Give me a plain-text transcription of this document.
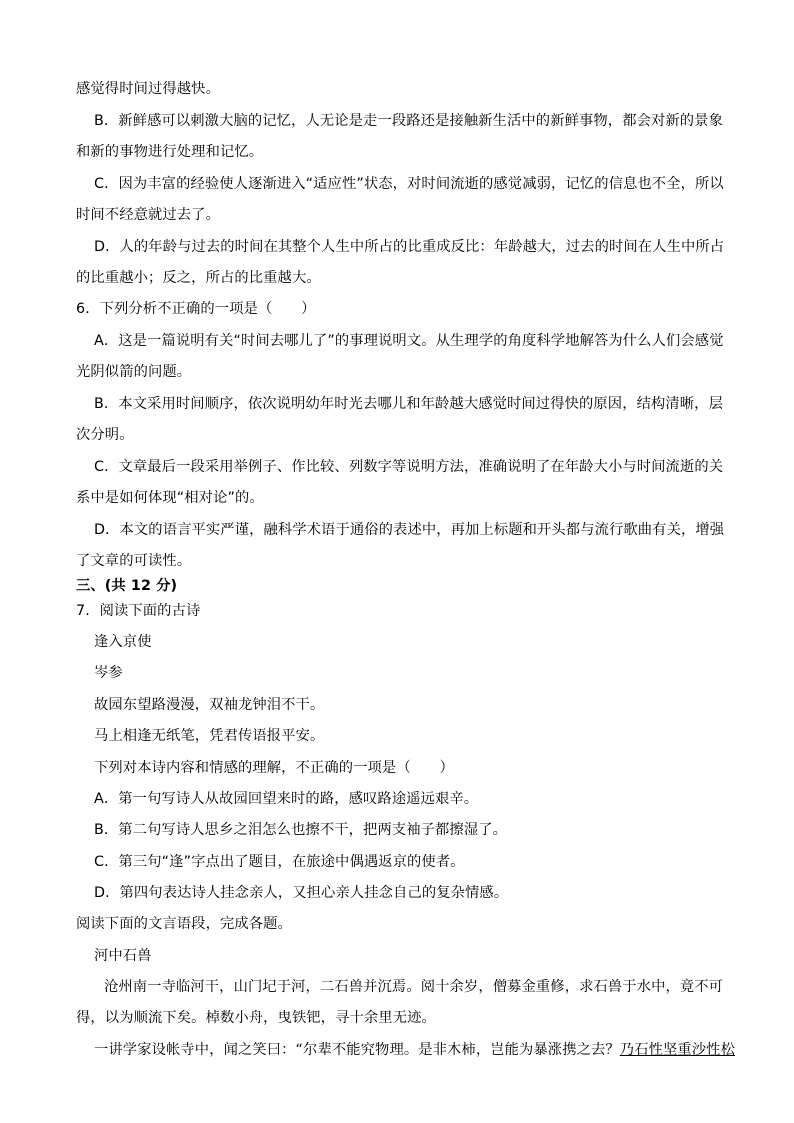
感觉得时间过得越快。
B．新鲜感可以刺激大脑的记忆，人无论是走一段路还是接触新生活中的新鲜事物，都会对新的景象
和新的事物进行处理和记忆。
C．因为丰富的经验使人逐渐进入“适应性”状态，对时间流逝的感觉减弱，记忆的信息也不全，所以
时间不经意就过去了。
D．人的年龄与过去的时间在其整个人生中所占的比重成反比：年龄越大，过去的时间在人生中所占
的比重越小；反之，所占的比重越大。
6．下列分析不正确的一项是（　　）
A．这是一篇说明有关“时间去哪儿了”的事理说明文。从生理学的角度科学地解答为什么人们会感觉
光阴似箭的问题。
B．本文采用时间顺序，依次说明幼年时光去哪儿和年龄越大感觉时间过得快的原因，结构清晰，层
次分明。
C．文章最后一段采用举例子、作比较、列数字等说明方法，准确说明了在年龄大小与时间流逝的关
系中是如何体现“相对论”的。
D．本文的语言平实严谨，融科学术语于通俗的表述中，再加上标题和开头都与流行歌曲有关，增强
了文章的可读性。
三、(共 12 分)
7．阅读下面的古诗
逢入京使
岑参
故园东望路漫漫，双袖龙钟泪不干。
马上相逢无纸笔，凭君传语报平安。
下列对本诗内容和情感的理解，不正确的一项是（　　）
A．第一句写诗人从故园回望来时的路，感叹路途遥远艰辛。
B．第二句写诗人思乡之泪怎么也擦不干，把两支袖子都擦湿了。
C．第三句“逢”字点出了题目，在旅途中偶遇返京的使者。
D．第四句表达诗人挂念亲人，又担心亲人挂念自己的复杂情感。
阅读下面的文言语段，完成各题。
河中石兽
沧州南一寺临河干，山门圮于河，二石兽并沉焉。阅十余岁，僧募金重修，求石兽于水中，竟不可
得，以为顺流下矣。棹数小舟，曳铁钯，寻十余里无迹。
一讲学家设帐寺中，闻之笑曰：“尔辈不能究物理。是非木柿，岂能为暴涨携之去？乃石性坚重沙性松
